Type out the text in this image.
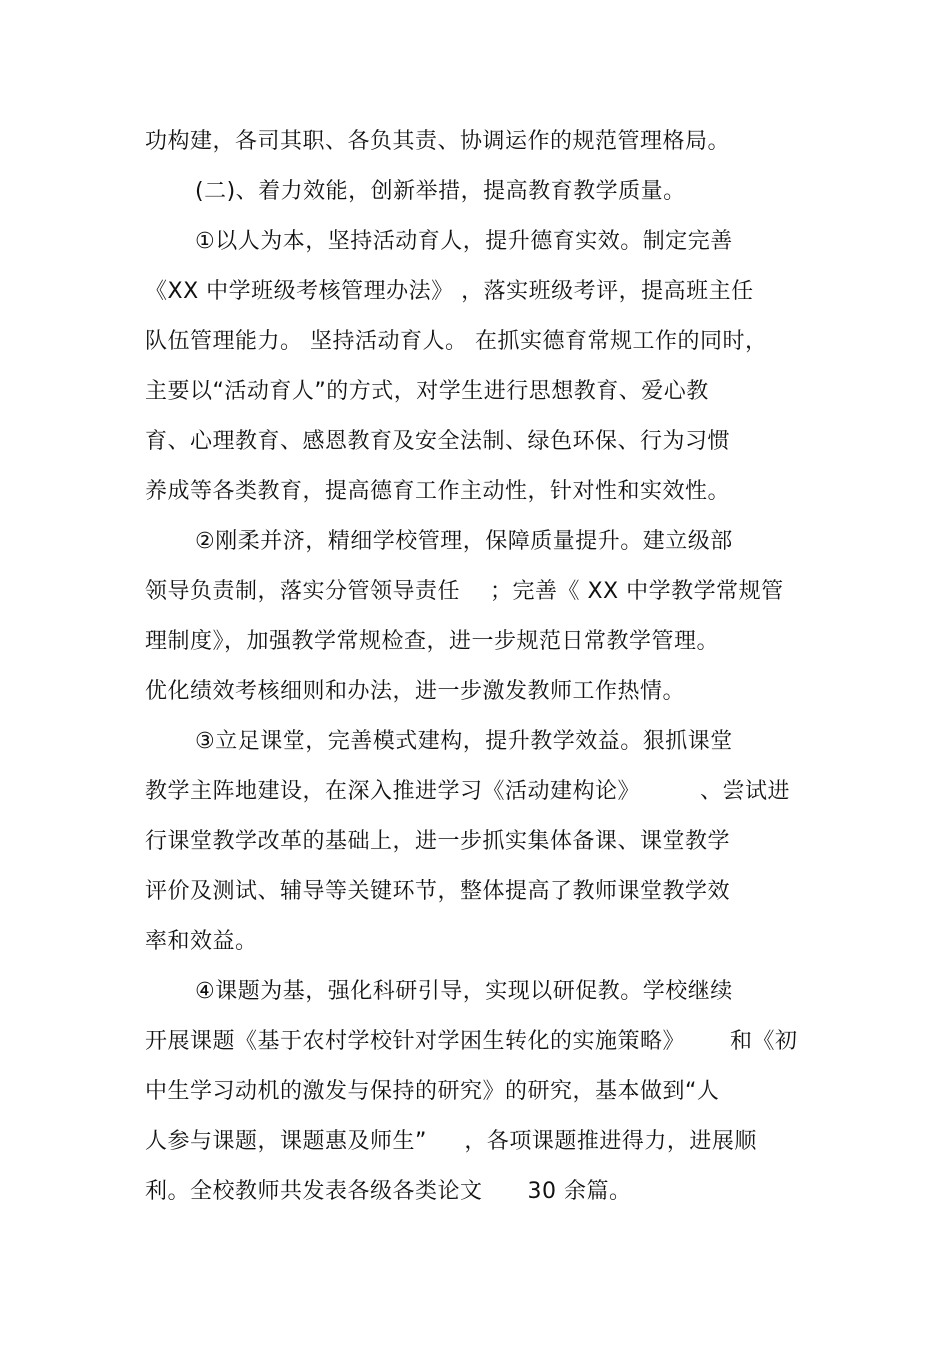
功构建，各司其职、各负其责、协调运作的规范管理格局。
(二)、着力效能，创新举措，提高教育教学质量。
①以人为本，坚持活动育人，提升德育实效。制定完善
《XX 中学班级考核管理办法》 ，落实班级考评，提高班主任
队伍管理能力。 坚持活动育人。 在抓实德育常规工作的同时，
主要以“活动育人”的方式，对学生进行思想教育、爱心教
育、心理教育、感恩教育及安全法制、绿色环保、行为习惯
养成等各类教育，提高德育工作主动性，针对性和实效性。
②刚柔并济，精细学校管理，保障质量提升。建立级部
领导负责制，落实分管领导责任    ；完善《 XX 中学教学常规管
理制度》，加强教学常规检查，进一步规范日常教学管理。
优化绩效考核细则和办法，进一步激发教师工作热情。
③立足课堂，完善模式建构，提升教学效益。狠抓课堂
教学主阵地建设，在深入推进学习《活动建构论》        、尝试进
行课堂教学改革的基础上，进一步抓实集体备课、课堂教学
评价及测试、辅导等关键环节，整体提高了教师课堂教学效
率和效益。
④课题为基，强化科研引导，实现以研促教。学校继续
开展课题《基于农村学校针对学困生转化的实施策略》      和《初
中生学习动机的激发与保持的研究》的研究，基本做到“人
人参与课题，课题惠及师生”     ，各项课题推进得力，进展顺
利。全校教师共发表各级各类论文      30 余篇。
